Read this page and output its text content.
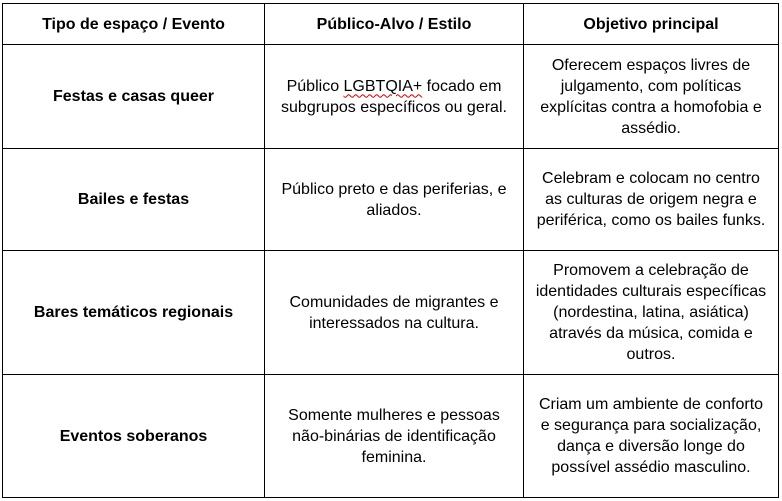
Tipo de espaço / Evento	Público-Alvo / Estilo	Objetivo principal
Festas e casas queer	Público LGBTQIA+ focado em subgrupos específicos ou geral.	Oferecem espaços livres de julgamento, com políticas explícitas contra a homofobia e assédio.
Bailes e festas	Público preto e das periferias, e aliados.	Celebram e colocam no centro as culturas de origem negra e periférica, como os bailes funks.
Bares temáticos regionais	Comunidades de migrantes e interessados na cultura.	Promovem a celebração de identidades culturais específicas (nordestina, latina, asiática) através da música, comida e outros.
Eventos soberanos	Somente mulheres e pessoas não-binárias de identificação feminina.	Criam um ambiente de conforto e segurança para socialização, dança e diversão longe do possível assédio masculino.
